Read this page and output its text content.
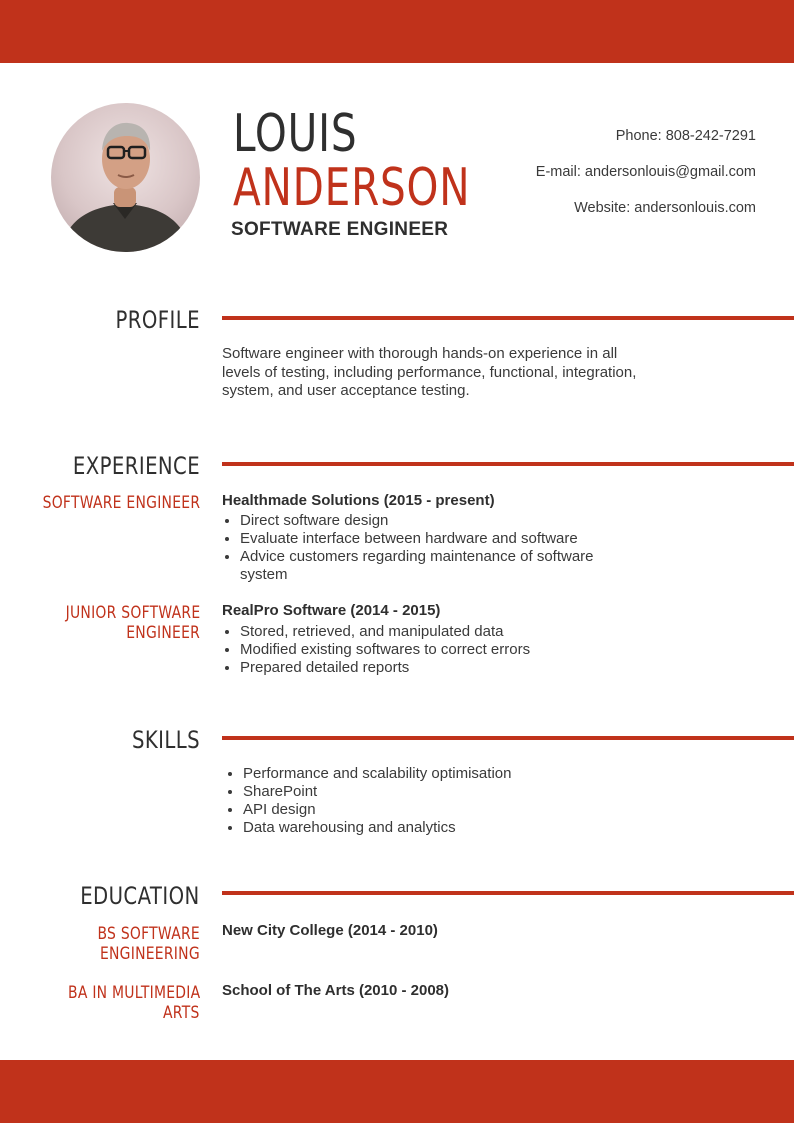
LOUIS
ANDERSON
SOFTWARE ENGINEER
Phone: 808-242-7291
E-mail: andersonlouis@gmail.com
Website: andersonlouis.com
PROFILE
Software engineer with thorough hands-on experience in all levels of testing, including performance, functional, integration, system, and user acceptance testing.
EXPERIENCE
SOFTWARE ENGINEER Healthmade Solutions (2015 - present)
• Direct software design
• Evaluate interface between hardware and software
• Advice customers regarding maintenance of software system
JUNIOR SOFTWARE
ENGINEER
RealPro Software (2014 - 2015)
• Stored, retrieved, and manipulated data
• Modified existing softwares to correct errors
• Prepared detailed reports
SKILLS
• Performance and scalability optimisation
• SharePoint
• API design
• Data warehousing and analytics
EDUCATION
BS SOFTWARE
ENGINEERING
New City College (2014 - 2010)
BA IN MULTIMEDIA
ARTS
School of The Arts (2010 - 2008)
